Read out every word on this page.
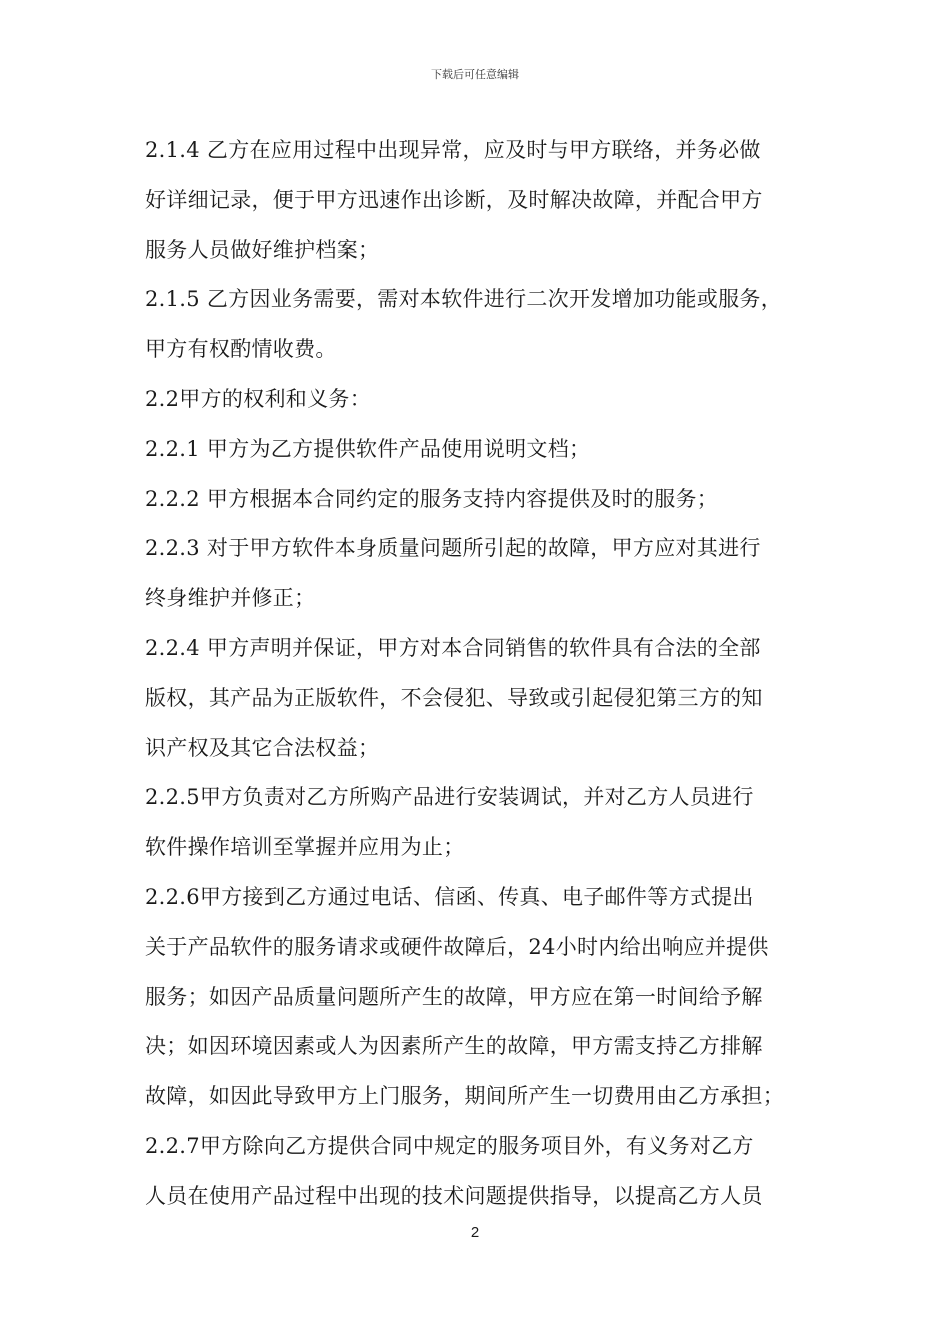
下载后可任意编辑
2.1.4 乙方在应用过程中出现异常，应及时与甲方联络，并务必做
好详细记录，便于甲方迅速作出诊断，及时解决故障，并配合甲方
服务人员做好维护档案；
2.1.5 乙方因业务需要，需对本软件进行二次开发增加功能或服务，
甲方有权酌情收费。
2.2甲方的权利和义务：
2.2.1 甲方为乙方提供软件产品使用说明文档；
2.2.2 甲方根据本合同约定的服务支持内容提供及时的服务；
2.2.3 对于甲方软件本身质量问题所引起的故障，甲方应对其进行
终身维护并修正；
2.2.4 甲方声明并保证，甲方对本合同销售的软件具有合法的全部
版权，其产品为正版软件，不会侵犯、导致或引起侵犯第三方的知
识产权及其它合法权益；
2.2.5甲方负责对乙方所购产品进行安装调试，并对乙方人员进行
软件操作培训至掌握并应用为止；
2.2.6甲方接到乙方通过电话、信函、传真、电子邮件等方式提出
关于产品软件的服务请求或硬件故障后，24小时内给出响应并提供
服务；如因产品质量问题所产生的故障，甲方应在第一时间给予解
决；如因环境因素或人为因素所产生的故障，甲方需支持乙方排解
故障，如因此导致甲方上门服务，期间所产生一切费用由乙方承担；
2.2.7甲方除向乙方提供合同中规定的服务项目外，有义务对乙方
人员在使用产品过程中出现的技术问题提供指导，以提高乙方人员
2
